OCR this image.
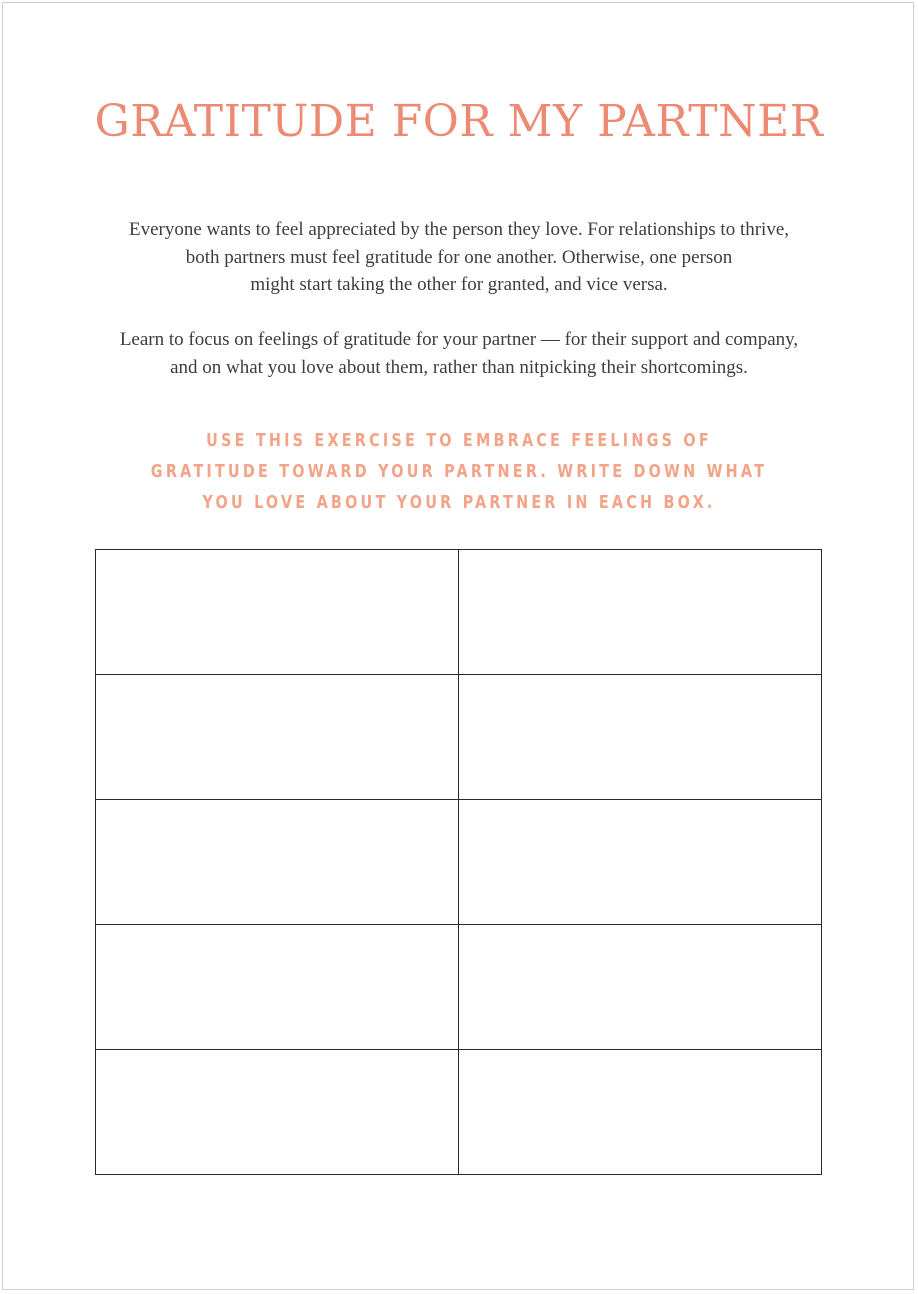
GRATITUDE FOR MY PARTNER

Everyone wants to feel appreciated by the person they love. For relationships to thrive,
both partners must feel gratitude for one another. Otherwise, one person
might start taking the other for granted, and vice versa.

Learn to focus on feelings of gratitude for your partner — for their support and company,
and on what you love about them, rather than nitpicking their shortcomings.

USE THIS EXERCISE TO EMBRACE FEELINGS OF
GRATITUDE TOWARD YOUR PARTNER. WRITE DOWN WHAT
YOU LOVE ABOUT YOUR PARTNER IN EACH BOX.
